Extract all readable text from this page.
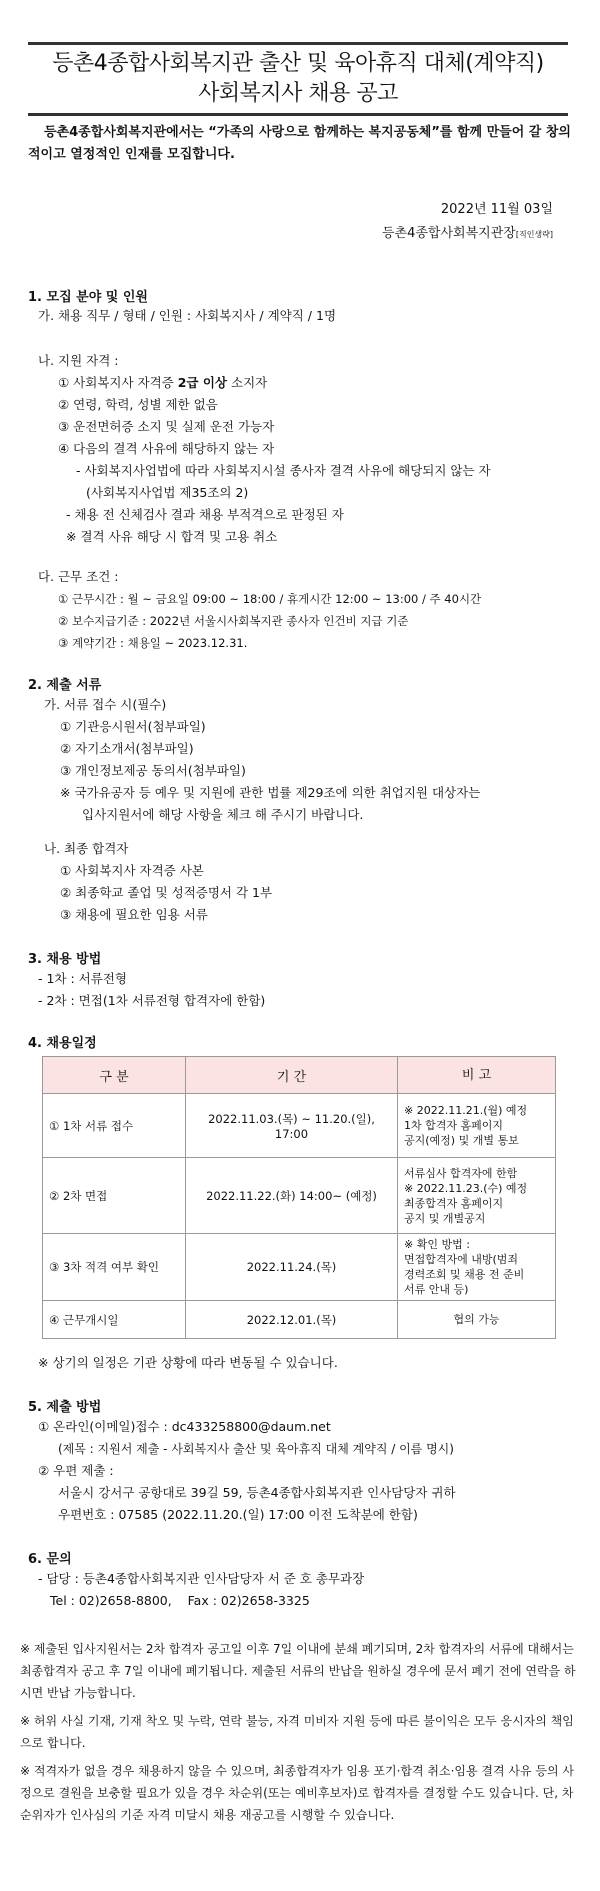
등촌4종합사회복지관 출산 및 육아휴직 대체(계약직)
사회복지사 채용 공고
등촌4종합사회복지관에서는 “가족의 사랑으로 함께하는 복지공동체”를 함께 만들어 갈 창의적이고 열정적인 인재를 모집합니다.
2022년 11월 03일
등촌4종합사회복지관장[직인생략]
1. 모집 분야 및 인원
가. 채용 직무 / 형태 / 인원 : 사회복지사 / 계약직 / 1명
나. 지원 자격 :
① 사회복지사 자격증 2급 이상 소지자
② 연령, 학력, 성별 제한 없음
③ 운전면허증 소지 및 실제 운전 가능자
④ 다음의 결격 사유에 해당하지 않는 자
- 사회복지사업법에 따라 사회복지시설 종사자 결격 사유에 해당되지 않는 자
(사회복지사업법 제35조의 2)
- 채용 전 신체검사 결과 채용 부적격으로 판정된 자
※ 결격 사유 해당 시 합격 및 고용 취소
다. 근무 조건 :
① 근무시간 : 월 ~ 금요일 09:00 ~ 18:00 / 휴게시간 12:00 ~ 13:00 / 주 40시간
② 보수지급기준 : 2022년 서울시사회복지관 종사자 인건비 지급 기준
③ 계약기간 : 채용일 ~ 2023.12.31.
2. 제출 서류
가. 서류 접수 시(필수)
① 기관응시원서(첨부파일)
② 자기소개서(첨부파일)
③ 개인정보제공 동의서(첨부파일)
※ 국가유공자 등 예우 및 지원에 관한 법률 제29조에 의한 취업지원 대상자는
입사지원서에 해당 사항을 체크 해 주시기 바랍니다.
나. 최종 합격자
① 사회복지사 자격증 사본
② 최종학교 졸업 및 성적증명서 각 1부
③ 채용에 필요한 임용 서류
3. 채용 방법
- 1차 : 서류전형
- 2차 : 면접(1차 서류전형 합격자에 한함)
4. 채용일정
구 분	기 간	비 고
① 1차 서류 접수	2022.11.03.(목) ~ 11.20.(일), 17:00	※ 2022.11.21.(월) 예정
1차 합격자 홈페이지
공지(예정) 및 개별 통보
② 2차 면접	2022.11.22.(화) 14:00~ (예정)	서류심사 합격자에 한함
※ 2022.11.23.(수) 예정
최종합격자 홈페이지
공지 및 개별공지
③ 3차 적격 여부 확인	2022.11.24.(목)	※ 확인 방법 :
면접합격자에 내방(범죄
경력조회 및 채용 전 준비
서류 안내 등)
④ 근무개시일	2022.12.01.(목)	협의 가능
※ 상기의 일정은 기관 상황에 따라 변동될 수 있습니다.
5. 제출 방법
① 온라인(이메일)접수 : dc433258800@daum.net
(제목 : 지원서 제출 - 사회복지사 출산 및 육아휴직 대체 계약직 / 이름 명시)
② 우편 제출 :
서울시 강서구 공항대로 39길 59, 등촌4종합사회복지관 인사담당자 귀하
우편번호 : 07585 (2022.11.20.(일) 17:00 이전 도착분에 한함)
6. 문의
- 담당 : 등촌4종합사회복지관 인사담당자 서 준 호 총무과장
Tel : 02)2658-8800,    Fax : 02)2658-3325
※ 제출된 입사지원서는 2차 합격자 공고일 이후 7일 이내에 분쇄 폐기되며, 2차 합격자의 서류에 대해서는 최종합격자 공고 후 7일 이내에 폐기됩니다. 제출된 서류의 반납을 원하실 경우에 문서 폐기 전에 연락을 하시면 반납 가능합니다.
※ 허위 사실 기재, 기재 착오 및 누락, 연락 불능, 자격 미비자 지원 등에 따른 불이익은 모두 응시자의 책임으로 합니다.
※ 적격자가 없을 경우 채용하지 않을 수 있으며, 최종합격자가 임용 포기·합격 취소·임용 결격 사유 등의 사정으로 결원을 보충할 필요가 있을 경우 차순위(또는 예비후보자)로 합격자를 결정할 수도 있습니다. 단, 차순위자가 인사심의 기준 자격 미달시 채용 재공고를 시행할 수 있습니다.
